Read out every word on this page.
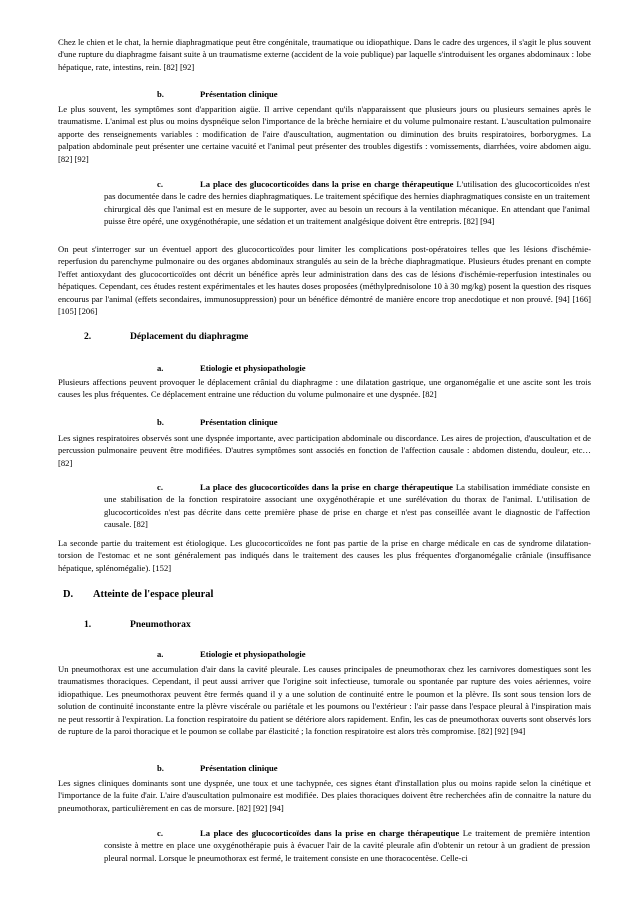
Chez le chien et le chat, la hernie diaphragmatique peut être congénitale, traumatique ou idiopathique. Dans le cadre des urgences, il s'agit le plus souvent d'une rupture du diaphragme faisant suite à un traumatisme externe (accident de la voie publique) par laquelle s'introduisent les organes abdominaux : lobe hépatique, rate, intestins, rein. [82] [92]

b.	Présentation clinique

Le plus souvent, les symptômes sont d'apparition aigüe. Il arrive cependant qu'ils n'apparaissent que plusieurs jours ou plusieurs semaines après le traumatisme. L'animal est plus ou moins dyspnéique selon l'importance de la brèche herniaire et du volume pulmonaire restant. L'auscultation pulmonaire apporte des renseignements variables : modification de l'aire d'auscultation, augmentation ou diminution des bruits respiratoires, borborygmes. La palpation abdominale peut présenter une certaine vacuité et l'animal peut présenter des troubles digestifs : vomissements, diarrhées, voire abdomen aigu. [82] [92]

c.	La place des glucocorticoïdes dans la prise en charge thérapeutique L'utilisation des glucocorticoïdes n'est pas documentée dans le cadre des hernies diaphragmatiques. Le traitement spécifique des hernies diaphragmatiques consiste en un traitement chirurgical dès que l'animal est en mesure de le supporter, avec au besoin un recours à la ventilation mécanique. En attendant que l'animal puisse être opéré, une oxygénothérapie, une sédation et un traitement analgésique doivent être entrepris. [82] [94]

On peut s'interroger sur un éventuel apport des glucocorticoïdes pour limiter les complications post-opératoires telles que les lésions d'ischémie-reperfusion du parenchyme pulmonaire ou des organes abdominaux strangulés au sein de la brèche diaphragmatique. Plusieurs études prenant en compte l'effet antioxydant des glucocorticoïdes ont décrit un bénéfice après leur administration dans des cas de lésions d'ischémie-reperfusion intestinales ou hépatiques. Cependant, ces études restent expérimentales et les hautes doses proposées (méthylprednisolone 10 à 30 mg/kg) posent la question des risques encourus par l'animal (effets secondaires, immunosuppression) pour un bénéfice démontré de manière encore trop anecdotique et non prouvé. [94] [166] [105] [206]

2.	Déplacement du diaphragme
a.	Etiologie et physiopathologie

Plusieurs affections peuvent provoquer le déplacement crânial du diaphragme : une dilatation gastrique, une organomégalie et une ascite sont les trois causes les plus fréquentes. Ce déplacement entraine une réduction du volume pulmonaire et une dyspnée. [82]

b.	Présentation clinique

Les signes respiratoires observés sont une dyspnée importante, avec participation abdominale ou discordance. Les aires de projection, d'auscultation et de percussion pulmonaire peuvent être modifiées. D'autres symptômes sont associés en fonction de l'affection causale : abdomen distendu, douleur, etc… [82]

c.	La place des glucocorticoïdes dans la prise en charge thérapeutique La stabilisation immédiate consiste en une stabilisation de la fonction respiratoire associant une oxygénothérapie et une surélévation du thorax de l'animal. L'utilisation de glucocorticoïdes n'est pas décrite dans cette première phase de prise en charge et n'est pas conseillée avant le diagnostic de l'affection causale. [82]

La seconde partie du traitement est étiologique. Les glucocorticoïdes ne font pas partie de la prise en charge médicale en cas de syndrome dilatation-torsion de l'estomac et ne sont généralement pas indiqués dans le traitement des causes les plus fréquentes d'organomégalie crâniale (insuffisance hépatique, splénomégalie). [152]

D. Atteinte de l'espace pleural
1.	Pneumothorax
a.	Etiologie et physiopathologie

Un pneumothorax est une accumulation d'air dans la cavité pleurale. Les causes principales de pneumothorax chez les carnivores domestiques sont les traumatismes thoraciques. Cependant, il peut aussi arriver que l'origine soit infectieuse, tumorale ou spontanée par rupture des voies aériennes, voire idiopathique. Les pneumothorax peuvent être fermés quand il y a une solution de continuité entre le poumon et la plèvre. Ils sont sous tension lors de solution de continuité inconstante entre la plèvre viscérale ou pariétale et les poumons ou l'extérieur : l'air passe dans l'espace pleural à l'inspiration mais ne peut ressortir à l'expiration. La fonction respiratoire du patient se détériore alors rapidement. Enfin, les cas de pneumothorax ouverts sont observés lors de rupture de la paroi thoracique et le poumon se collabe par élasticité ; la fonction respiratoire est alors très compromise. [82] [92] [94]

b.	Présentation clinique

Les signes cliniques dominants sont une dyspnée, une toux et une tachypnée, ces signes étant d'installation plus ou moins rapide selon la cinétique et l'importance de la fuite d'air. L'aire d'auscultation pulmonaire est modifiée. Des plaies thoraciques doivent être recherchées afin de connaitre la nature du pneumothorax, particulièrement en cas de morsure. [82] [92] [94]

c.	La place des glucocorticoïdes dans la prise en charge thérapeutique Le traitement de première intention consiste à mettre en place une oxygénothérapie puis à évacuer l'air de la cavité pleurale afin d'obtenir un retour à un gradient de pression pleural normal. Lorsque le pneumothorax est fermé, le traitement consiste en une thoracocentèse. Celle-ci
